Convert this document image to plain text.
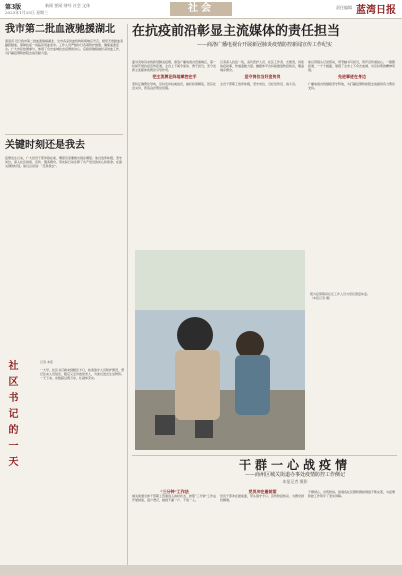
第3版
2023年1月25日 星期三
新闻 要闻 财经 社会 文体	社会	责任编辑 蓝湾日报
我市第二批血液驰援湖北
商洛讯 近日我市第二批血液驰援湖北，全市各采供血机构积极响应号召，组织无偿献血者踊跃献血，保障抗疫一线临床用血需求。工作人员严格执行各项防护措施，确保血液安全。广大市民热情参与，体现了众志成城抗击疫情的决心。后续将继续做好采供血工作，为打赢疫情防控阻击战贡献力量。
关键时刻还是我去
疫情发生以来，广大党员干部冲锋在前，哪里有需要就出现在哪里。他们放弃休假，坚守岗位，深入社区排查、宣传、服务群众，用实际行动诠释了共产党员的初心和使命。在最关键的时刻，他们总是说：“还是我去”。
社区书记的一天	记者 本报
一大早，社区书记就来到辖区卡口，检查值守人员防护情况，登记往来人员信息，随后又走访独居老人，为他们送去生活物资。一天下来，步数超过两万步，忙碌却充实。
在抗疫前沿彰显主流媒体的责任担当
——商洛广播电视台开展新冠肺炎疫情防控新闻宣传工作纪实
面对突如其来的新冠肺炎疫情，商洛广播电视台迅速响应，第一时间开展抗疫宣传报道，全台上下闻令而动、勇于担当，充分发挥主流媒体的舆论引导作用。
把主流舆论阵地掌控在手
坚持正确舆论导向，及时发布权威信息，做好政策解读，回应社会关切，营造良好舆论氛围。
记者深入抗疫一线，采访医护人员、社区工作者、志愿者，讲述战疫故事，传递温暖力量。融媒体平台持续推送防疫知识，覆盖城乡群众。
坚守岗位当好宣传员
全台干部职工放弃休假，坚守岗位，当好宣传员、战斗员。
他们用镜头记录感动，用笔触书写担当，用声音传递信心。一篇篇报道、一个个画面，展现了全市上下众志成城、共克时艰的精神风貌。
先进事迹在身边
广播电视台将继续坚守阵地，为打赢疫情防控阻击战提供有力舆论支持。
图为疫情期间社区工作人员为居民测量体温。
（本报记者 摄）
干群一心战疫情
——商州区城关街道办事处疫情防控工作侧记
本报记者 摄影
“三分钟”工作法
城关街道全体干部职工迅速进入战时状态，按照“三分钟”工作法开展排查，逐户登记，做到不漏一户、不落一人。
党员冲在最前面
党员干部冲在最前面，带头值守卡口，宣传防疫知识，为群众排忧解难。
干群同心，共筑防线。街道各社区群防群控网络不断完善，为疫情防控工作筑牢了坚实屏障。
